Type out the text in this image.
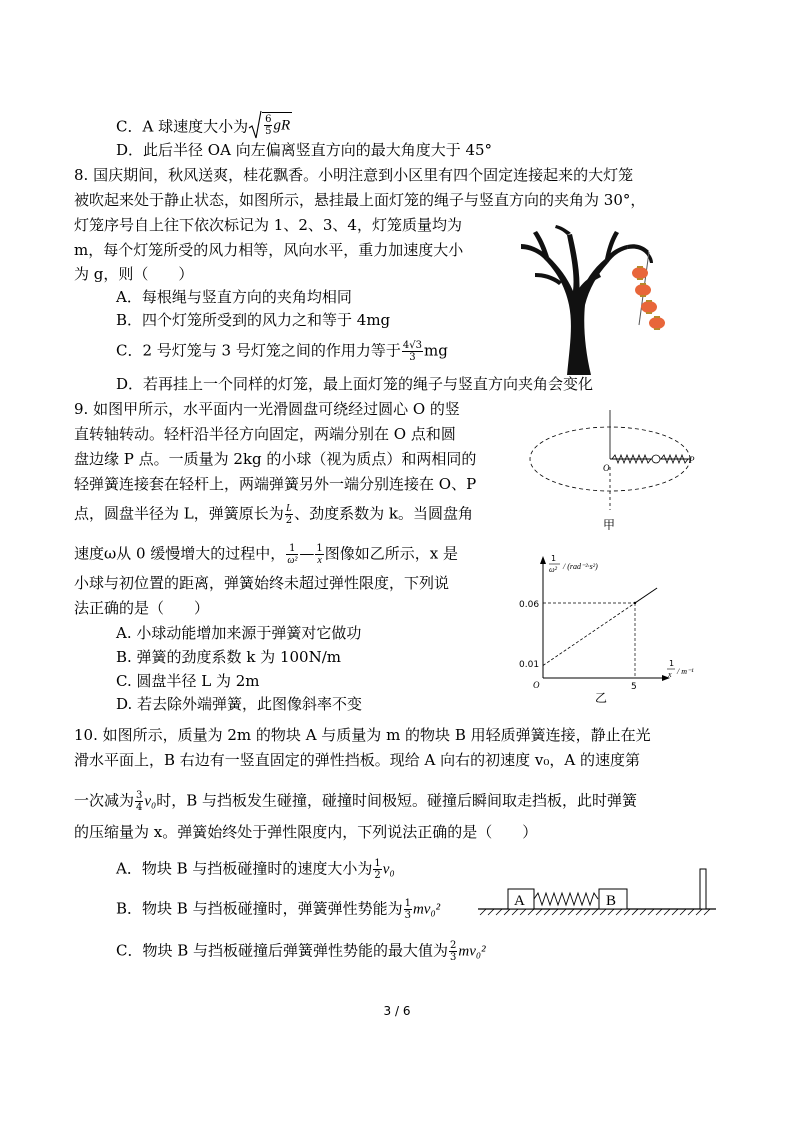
C．A 球速度大小为 $\frac{6}{5}$ gR
D．此后半径 OA 向左偏离竖直方向的最大角度大于 45°
8. 国庆期间，秋风送爽，桂花飘香。小明注意到小区里有四个固定连接起来的大灯笼
被吹起来处于静止状态，如图所示，悬挂最上面灯笼的绳子与竖直方向的夹角为 30°，
灯笼序号自上往下依次标记为 1、2、3、4，灯笼质量均为
m，每个灯笼所受的风力相等，风向水平，重力加速度大小
为 g，则（　　）
A．每根绳与竖直方向的夹角均相同
B．四个灯笼所受到的风力之和等于 4mg
C．2 号灯笼与 3 号灯笼之间的作用力等于 $\frac{4√3}{3}$ mg
D．若再挂上一个同样的灯笼，最上面灯笼的绳子与竖直方向夹角会变化
9. 如图甲所示，水平面内一光滑圆盘可绕经过圆心 O 的竖
直转轴转动。轻杆沿半径方向固定，两端分别在 O 点和圆
盘边缘 P 点。一质量为 2kg 的小球（视为质点）和两相同的
轻弹簧连接套在轻杆上，两端弹簧另外一端分别连接在 O、P
点，圆盘半径为 L，弹簧原长为 $\frac{L}{2}$ 、劲度系数为 k。当圆盘角
速度ω从 0 缓慢增大的过程中， $\frac{1}{\text{ω²}}$ — $\frac{1}{x}$ 图像如乙所示，x 是
小球与初位置的距离，弹簧始终未超过弹性限度，下列说
法正确的是（　　）
A. 小球动能增加来源于弹簧对它做功
B. 弹簧的劲度系数 k 为 100N/m
C. 圆盘半径 L 为 2m
D. 若去除外端弹簧，此图像斜率不变
O
P
甲
1
ω² / (rad⁻²·s²)
1
x / m⁻¹
O
0.06
0.01
5
乙
10. 如图所示，质量为 2m 的物块 A 与质量为 m 的物块 B 用轻质弹簧连接，静止在光
滑水平面上，B 右边有一竖直固定的弹性挡板。现给 A 向右的初速度 v₀，A 的速度第
一次减为 $\frac{3}{4} v_0$时，B 与挡板发生碰撞，碰撞时间极短。碰撞后瞬间取走挡板，此时弹簧
的压缩量为 x。弹簧始终处于弹性限度内，下列说法正确的是（　　）
A．物块 B 与挡板碰撞时的速度大小为 $\frac{1}{2} v_0$
B．物块 B 与挡板碰撞时，弹簧弹性势能为 $\frac{1}{3} mv_0^2$
C．物块 B 与挡板碰撞后弹簧弹性势能的最大值为 $\frac{2}{3} mv_0^2$
A	B
3 / 6
